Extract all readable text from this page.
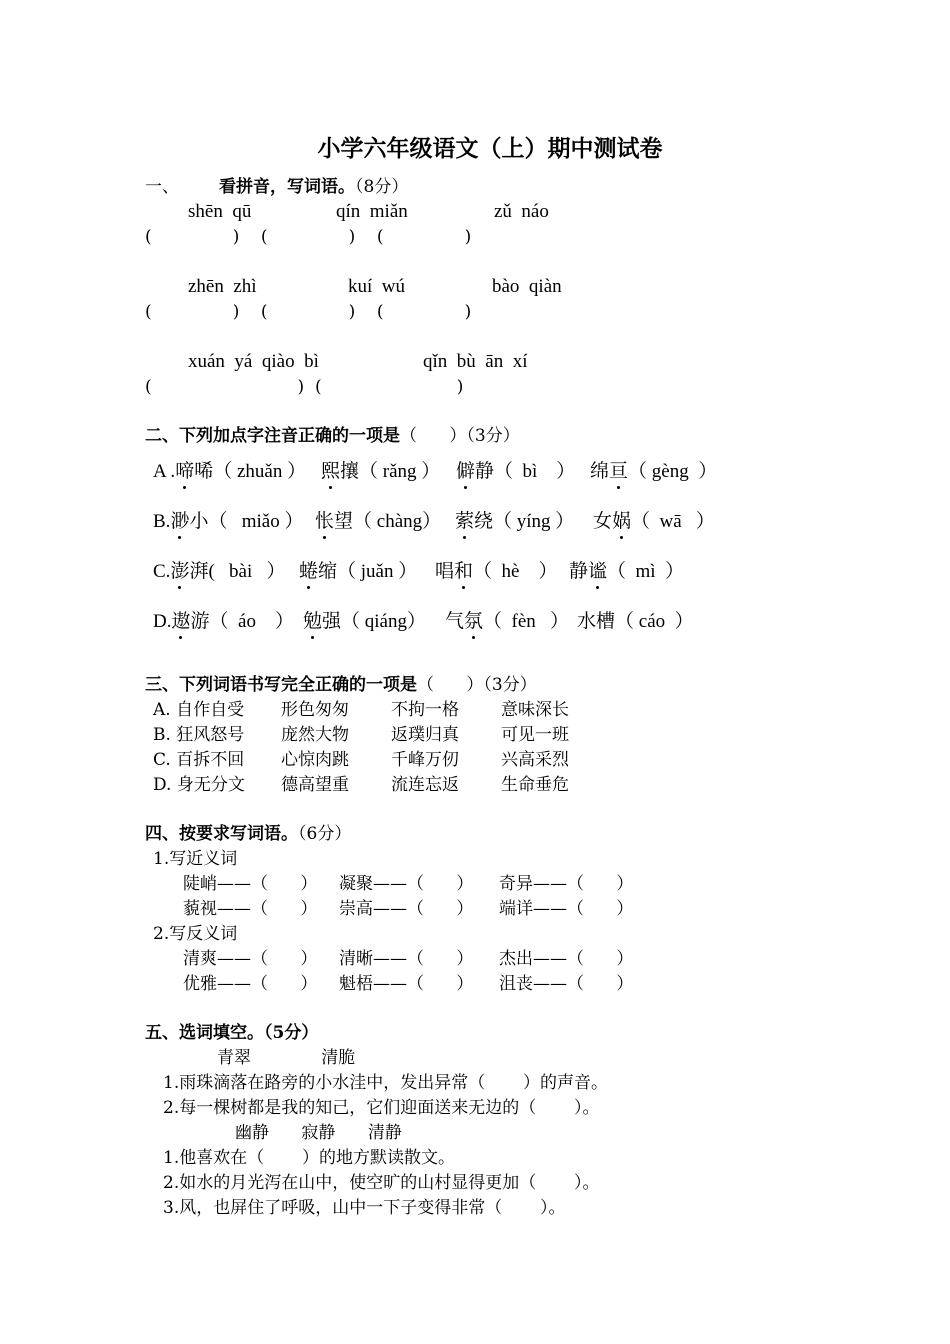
小学六年级语文（上）期中测试卷
一、 看拼音，写词语。（8分）
shēn  qū	qín  miǎn	zǔ  náo
(               )    (               )    (               )
zhēn  zhì	kuí  wú	bào  qiàn
(               )    (               )    (               )
xuán  yá  qiào  bì	qǐn  bù  ān  xí
(                           )  (                         )
二、下列加点字注音正确的一项是（      ）（3分）
A .啼唏（ zhuǎn ） 熙攘（ rǎng ） 僻静（  bì    ） 绵亘（ gèng  ）
B.渺小（   miǎo ） 怅望（ chàng） 萦绕（ yíng ） 女娲（  wā   ）
C.澎湃(   bài   ） 蜷缩（ juǎn ） 唱和（  hè    ） 静谧（  mì  ）
D.遨游（  áo    ） 勉强（ qiáng） 气氛（  fèn   ） 水槽（ cáo  ）
三、下列词语书写完全正确的一项是（      ）（3分）
A. 自作自受 形色匆匆 不拘一格 意味深长
B. 狂风怒号 庞然大物 返璞归真 可见一班
C. 百拆不回 心惊肉跳 千峰万仞 兴高采烈
D. 身无分文 德高望重 流连忘返 生命垂危
四、按要求写词语。（6分）
1.写近义词
陡峭——（      ） 凝聚——（      ） 奇异——（      ）
藐视——（      ） 崇高——（      ） 端详——（      ）
2.写反义词
清爽——（      ） 清晰——（      ） 杰出——（      ）
优雅——（      ） 魁梧——（      ） 沮丧——（      ）
五、选词填空。（5分）
青翠             清脆
1.雨珠滴落在路旁的小水洼中，发出异常（       ）的声音。
2.每一棵树都是我的知己，它们迎面送来无边的（       ）。
幽静      寂静      清静
1.他喜欢在（       ）的地方默读散文。
2.如水的月光泻在山中，使空旷的山村显得更加（       ）。
3.风，也屏住了呼吸，山中一下子变得非常（       ）。
